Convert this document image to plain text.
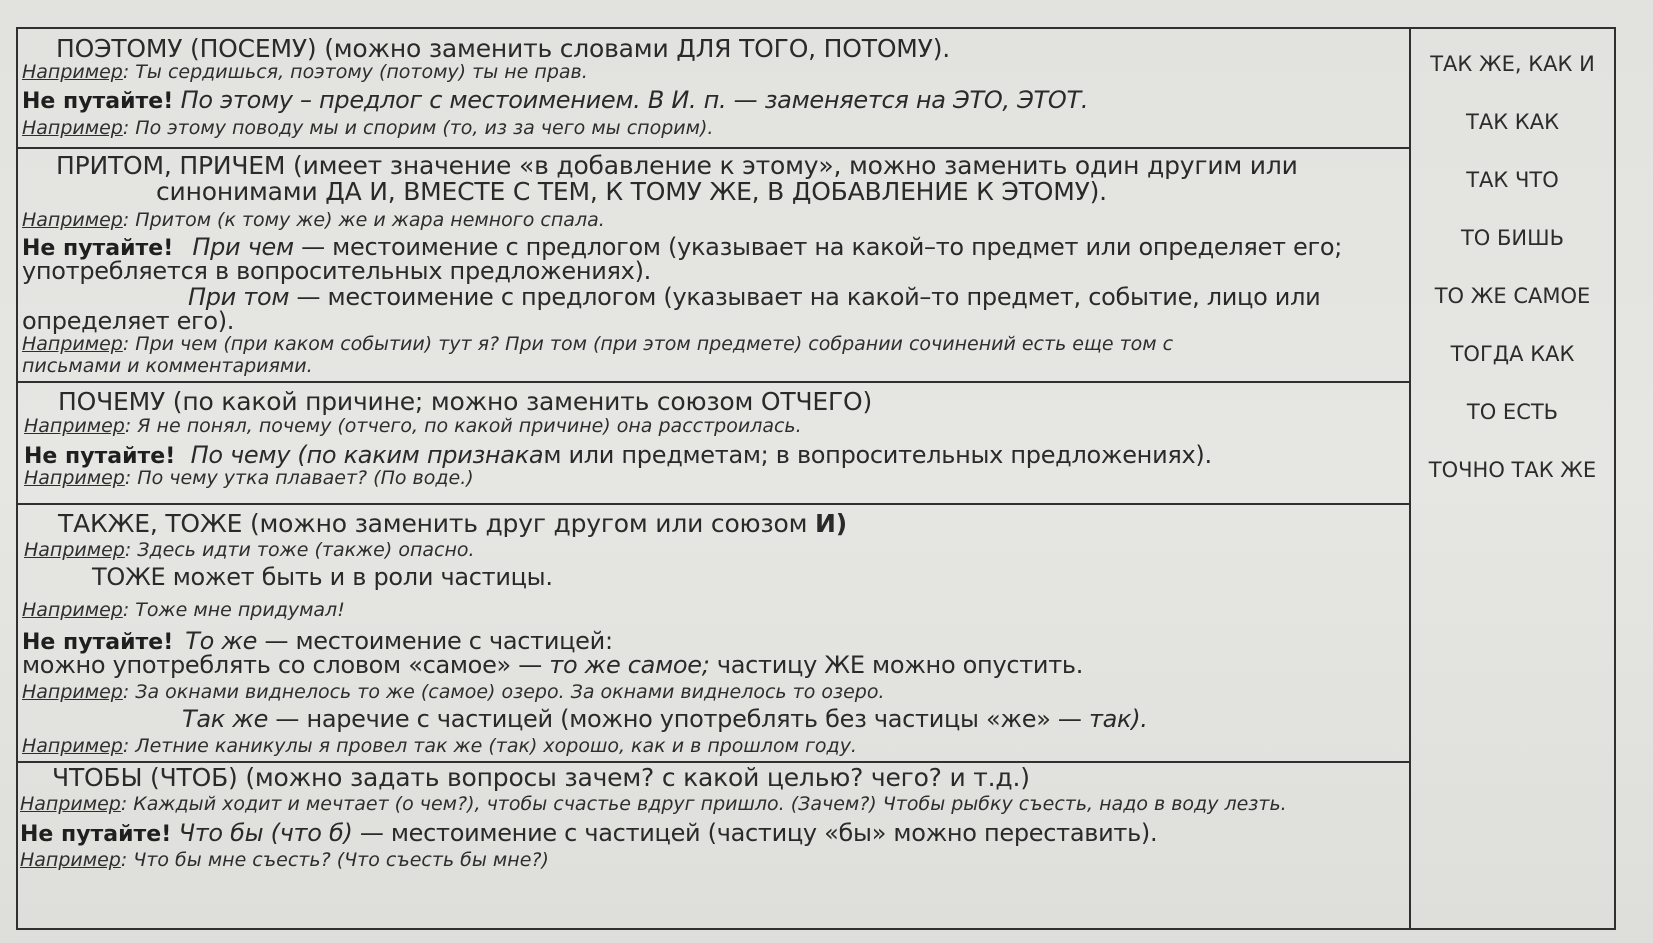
ПОЭТОМУ (ПОСЕМУ) (можно заменить словами ДЛЯ ТОГО, ПОТОМУ).
Например: Ты сердишься, поэтому (потому) ты не прав.
Не путайте! По этому – предлог с местоимением. В И. п. — заменяется на ЭТО, ЭТОТ.
Например: По этому поводу мы и спорим (то, из за чего мы спорим).
ПРИТОМ, ПРИЧЕМ (имеет значение «в добавление к этому», можно заменить один другим или
синонимами ДА И, ВМЕСТЕ С ТЕМ, К ТОМУ ЖЕ, В ДОБАВЛЕНИЕ К ЭТОМУ).
Например: Притом (к тому же) же и жара немного спала.
Не путайте! При чем — местоимение с предлогом (указывает на какой–то предмет или определяет его;
употребляется в вопросительных предложениях).
При том — местоимение с предлогом (указывает на какой–то предмет, событие, лицо или
определяет его).
Например: При чем (при каком событии) тут я? При том (при этом предмете) собрании сочинений есть еще том с
письмами и комментариями.
ПОЧЕМУ (по какой причине; можно заменить союзом ОТЧЕГО)
Например: Я не понял, почему (отчего, по какой причине) она расстроилась.
Не путайте! По чему (по каким признакам или предметам; в вопросительных предложениях).
Например: По чему утка плавает? (По воде.)
ТАКЖЕ, ТОЖЕ (можно заменить друг другом или союзом И)
Например: Здесь идти тоже (также) опасно.
ТОЖЕ может быть и в роли частицы.
Например: Тоже мне придумал!
Не путайте! То же — местоимение с частицей:
можно употреблять со словом «самое» — то же самое; частицу ЖЕ можно опустить.
Например: За окнами виднелось то же (самое) озеро. За окнами виднелось то озеро.
Так же — наречие с частицей (можно употреблять без частицы «же» — так).
Например: Летние каникулы я провел так же (так) хорошо, как и в прошлом году.
ЧТОБЫ (ЧТОБ) (можно задать вопросы зачем? с какой целью? чего? и т.д.)
Например: Каждый ходит и мечтает (о чем?), чтобы счастье вдруг пришло. (Зачем?) Чтобы рыбку съесть, надо в воду лезть.
Не путайте! Что бы (что б) — местоимение с частицей (частицу «бы» можно переставить).
Например: Что бы мне съесть? (Что съесть бы мне?)
ТАК ЖЕ, КАК И
ТАК КАК
ТАК ЧТО
ТО БИШЬ
ТО ЖЕ САМОЕ
ТОГДА КАК
ТО ЕСТЬ
ТОЧНО ТАК ЖЕ
